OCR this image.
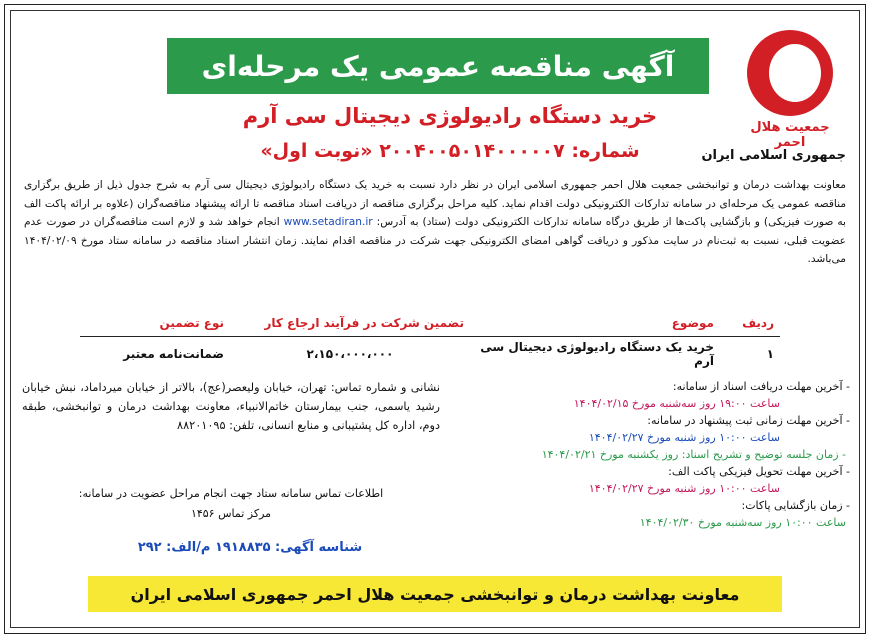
آگهی مناقصه عمومی یک مرحله‌ای
جمعیت هلال احمر
جمهوری اسلامی ایران
خرید دستگاه رادیولوژی دیجیتال سی آرم
شماره: ۲۰۰۴۰۰۵۰۱۴۰۰۰۰۰۷ «نوبت اول»
معاونت بهداشت درمان و توانبخشی جمعیت هلال احمر جمهوری اسلامی ایران در نظر دارد نسبت به خرید یک دستگاه رادیولوژی دیجیتال سی آرم به شرح جدول ذیل از طریق برگزاری مناقصه عمومی یک مرحله‌ای در سامانه تدارکات الکترونیکی دولت اقدام نماید. کلیه مراحل برگزاری مناقصه از دریافت اسناد مناقصه تا ارائه پیشنهاد مناقصه‌گران (علاوه بر ارائه پاکت الف به صورت فیزیکی) و بازگشایی پاکت‌ها از طریق درگاه سامانه تدارکات الکترونیکی دولت (ستاد) به آدرس: www.setadiran.ir انجام خواهد شد و لازم است مناقصه‌گران در صورت عدم عضویت قبلی، نسبت به ثبت‌نام در سایت مذکور و دریافت گواهی امضای الکترونیکی جهت شرکت در مناقصه اقدام نمایند. زمان انتشار اسناد مناقصه در سامانه ستاد مورخ ۱۴۰۴/۰۲/۰۹ می‌باشد.
ردیف	موضوع	تضمین شرکت در فرآیند ارجاع کار	نوع تضمین
۱	خرید یک دستگاه رادیولوژی دیجیتال سی آرم	۲،۱۵۰،۰۰۰،۰۰۰	ضمانت‌نامه معتبر
- آخرین مهلت دریافت اسناد از سامانه:
ساعت ۱۹:۰۰ روز سه‌شنبه مورخ ۱۴۰۴/۰۲/۱۵
- آخرین مهلت زمانی ثبت پیشنهاد در سامانه:
ساعت ۱۰:۰۰ روز شنبه مورخ ۱۴۰۴/۰۲/۲۷
- زمان جلسه توضیح و تشریح اسناد: روز یکشنبه مورخ ۱۴۰۴/۰۲/۲۱
- آخرین مهلت تحویل فیزیکی پاکت الف:
ساعت ۱۰:۰۰ روز شنبه مورخ ۱۴۰۴/۰۲/۲۷
- زمان بازگشایی پاکات:
ساعت ۱۰:۰۰ روز سه‌شنبه مورخ ۱۴۰۴/۰۲/۳۰
نشانی و شماره تماس: تهران، خیابان ولیعصر(عج)، بالاتر از خیابان میرداماد، نبش خیابان رشید یاسمی، جنب بیمارستان خاتم‌الانبیاء، معاونت بهداشت درمان و توانبخشی، طبقه دوم، اداره کل پشتیبانی و منابع انسانی، تلفن: ۸۸۲۰۱۰۹۵
اطلاعات تماس سامانه ستاد جهت انجام مراحل عضویت در سامانه:
مرکز تماس ۱۴۵۶
شناسه آگهی: ۱۹۱۸۸۳۵ م/الف: ۲۹۲
معاونت بهداشت درمان و توانبخشی جمعیت هلال احمر جمهوری اسلامی ایران
